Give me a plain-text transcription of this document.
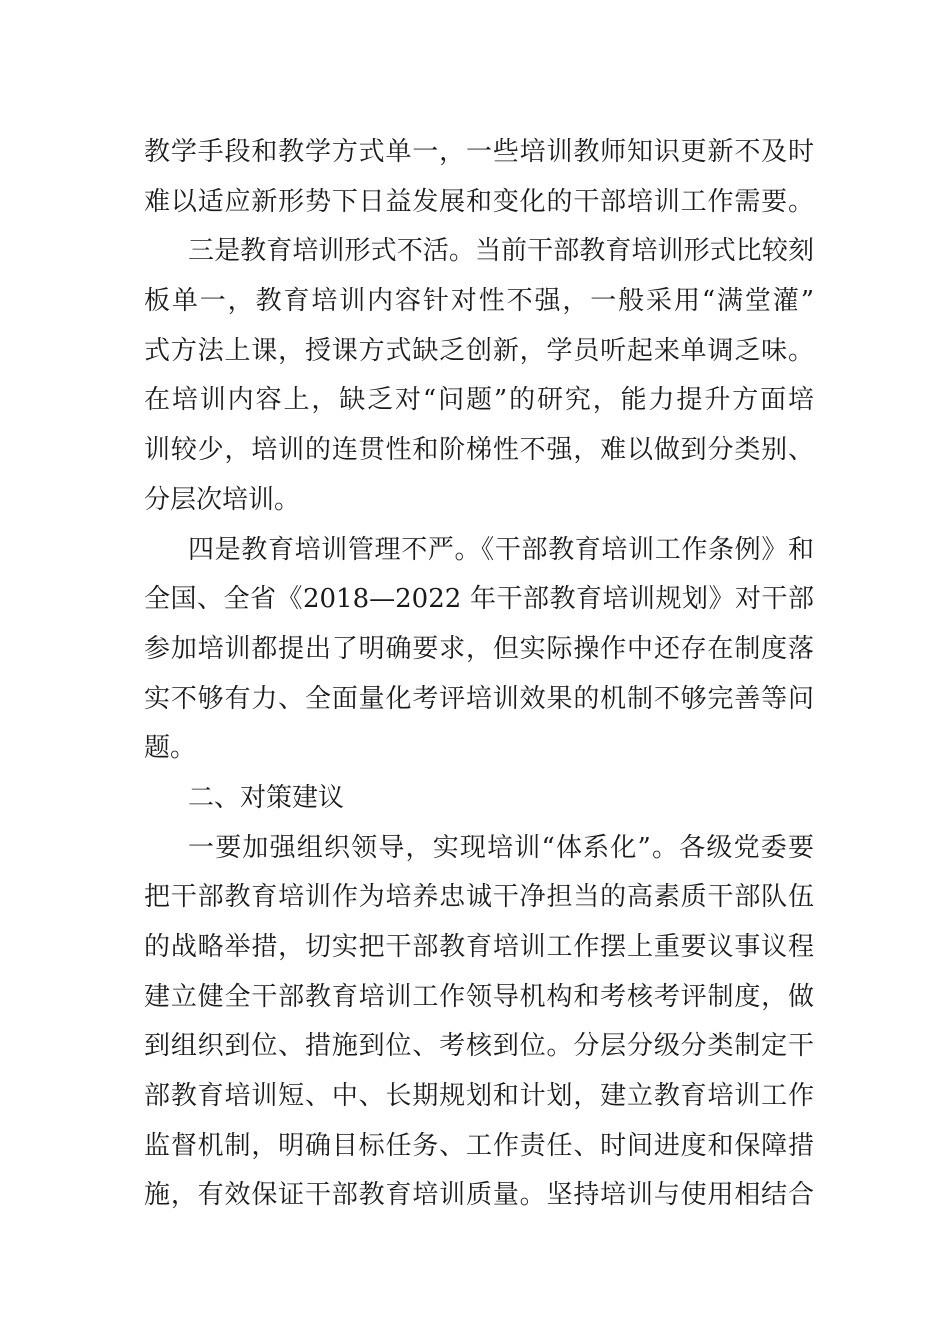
教学手段和教学方式单一，一些培训教师知识更新不及时
难以适应新形势下日益发展和变化的干部培训工作需要。
三是教育培训形式不活。当前干部教育培训形式比较刻
板单一，教育培训内容针对性不强，一般采用“满堂灌”
式方法上课，授课方式缺乏创新，学员听起来单调乏味。
在培训内容上，缺乏对“问题”的研究，能力提升方面培
训较少，培训的连贯性和阶梯性不强，难以做到分类别、
分层次培训。
四是教育培训管理不严。《干部教育培训工作条例》和
全国、全省《2018—2022 年干部教育培训规划》对干部
参加培训都提出了明确要求，但实际操作中还存在制度落
实不够有力、全面量化考评培训效果的机制不够完善等问
题。
二、对策建议
一要加强组织领导，实现培训“体系化”。各级党委要
把干部教育培训作为培养忠诚干净担当的高素质干部队伍
的战略举措，切实把干部教育培训工作摆上重要议事议程
建立健全干部教育培训工作领导机构和考核考评制度，做
到组织到位、措施到位、考核到位。分层分级分类制定干
部教育培训短、中、长期规划和计划，建立教育培训工作
监督机制，明确目标任务、工作责任、时间进度和保障措
施，有效保证干部教育培训质量。坚持培训与使用相结合
